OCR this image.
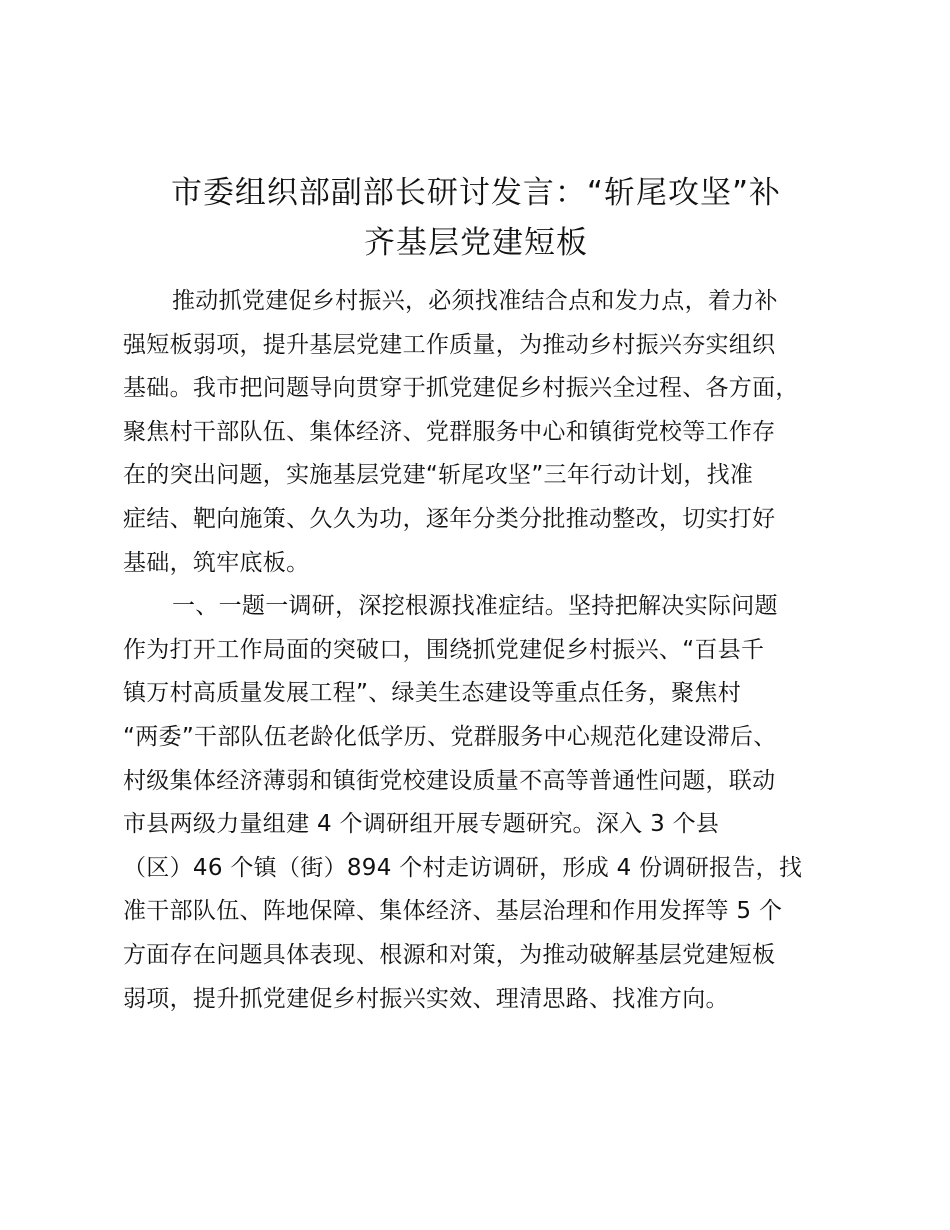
市委组织部副部长研讨发言：“斩尾攻坚”补
齐基层党建短板
推动抓党建促乡村振兴，必须找准结合点和发力点，着力补
强短板弱项，提升基层党建工作质量，为推动乡村振兴夯实组织
基础。我市把问题导向贯穿于抓党建促乡村振兴全过程、各方面，
聚焦村干部队伍、集体经济、党群服务中心和镇街党校等工作存
在的突出问题，实施基层党建“斩尾攻坚”三年行动计划，找准
症结、靶向施策、久久为功，逐年分类分批推动整改，切实打好
基础，筑牢底板。
一、一题一调研，深挖根源找准症结。坚持把解决实际问题
作为打开工作局面的突破口，围绕抓党建促乡村振兴、“百县千
镇万村高质量发展工程”、绿美生态建设等重点任务，聚焦村
“两委”干部队伍老龄化低学历、党群服务中心规范化建设滞后、
村级集体经济薄弱和镇街党校建设质量不高等普通性问题，联动
市县两级力量组建 4 个调研组开展专题研究。深入 3 个县
（区）46 个镇（街）894 个村走访调研，形成 4 份调研报告，找
准干部队伍、阵地保障、集体经济、基层治理和作用发挥等 5 个
方面存在问题具体表现、根源和对策，为推动破解基层党建短板
弱项，提升抓党建促乡村振兴实效、理清思路、找准方向。
